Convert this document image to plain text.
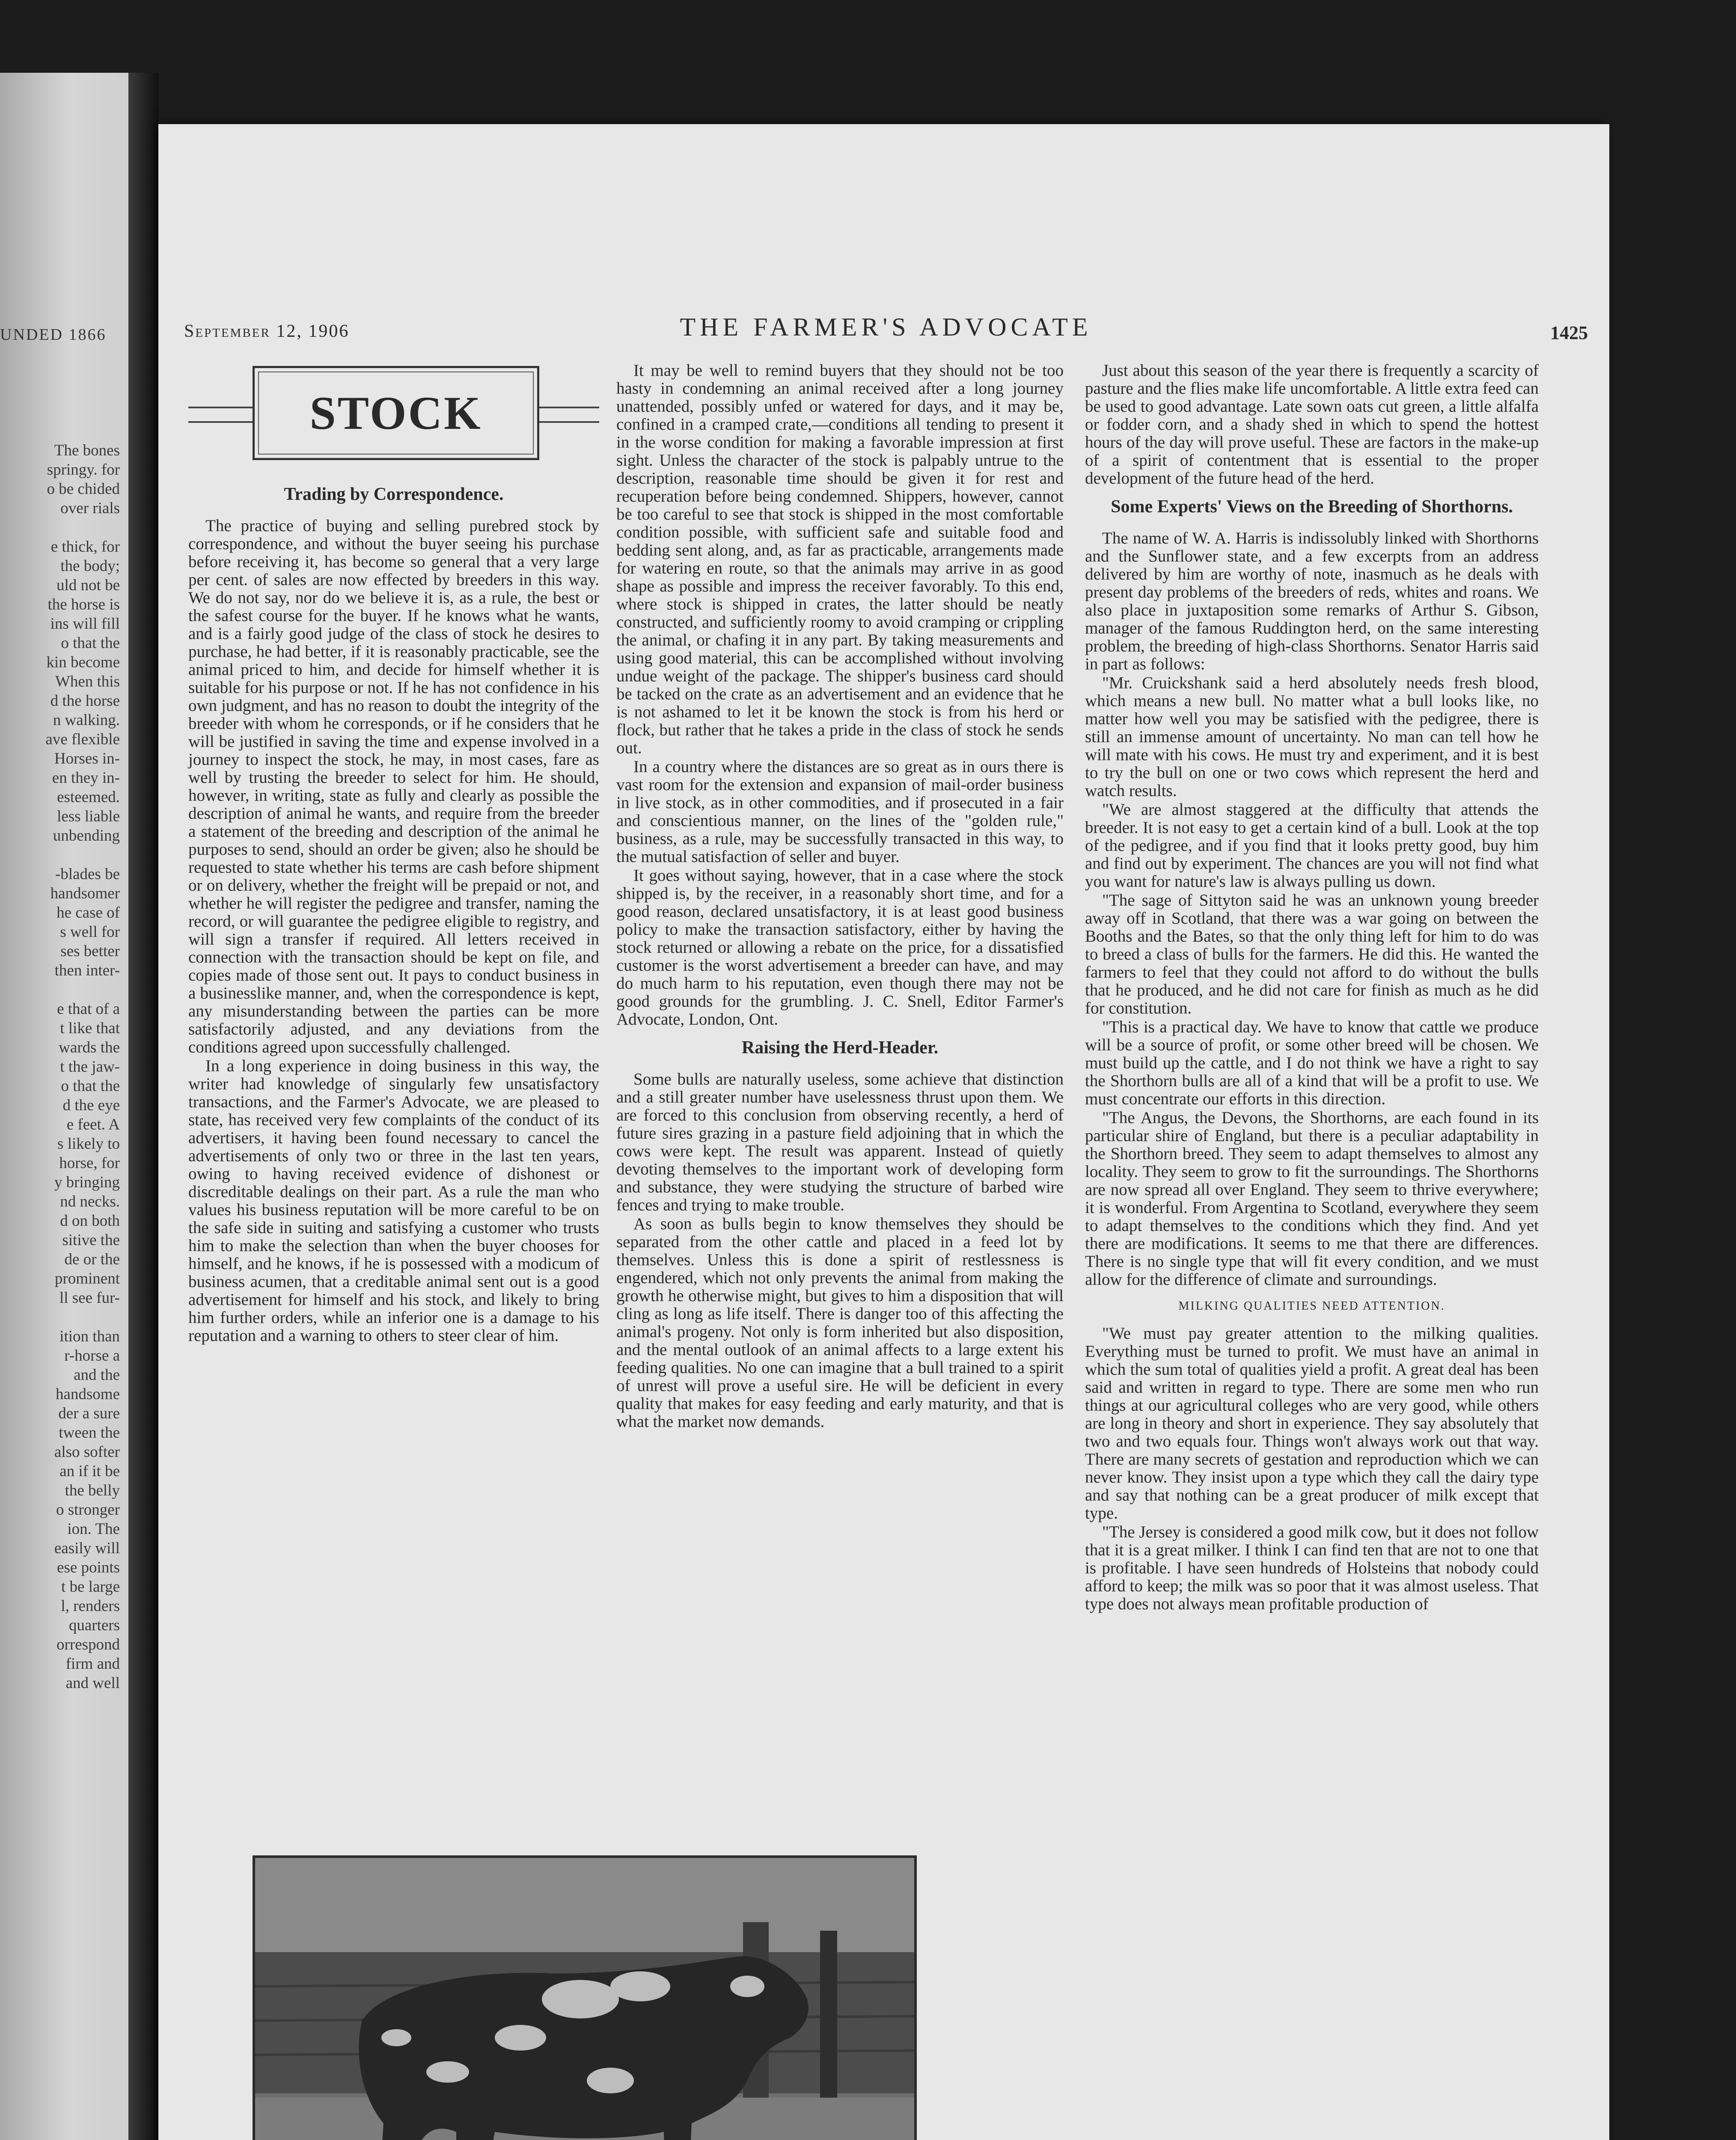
UNDED 1866
The bones
springy. for
o be chided
over rials
e thick, for
the body;
uld not be
the horse is
ins will fill
o that the
kin become
When this
d the horse
n walking.
ave flexible
Horses in-
en they in-
esteemed.
less liable
unbending
-blades be
handsomer
he case of
s well for
ses better
then inter-
e that of a
t like that
wards the
t the jaw-
o that the
d the eye
e feet. A
s likely to
horse, for
y bringing
nd necks.
d on both
sitive the
de or the
prominent
ll see fur-
ition than
r-horse a
and the
handsome
der a sure
tween the
also softer
an if it be
the belly
o stronger
ion. The
easily will
ese points
t be large
l, renders
quarters
orrespond
firm and
and well
September 12, 1906	THE FARMER'S ADVOCATE	1425
STOCK
Trading by Correspondence.

The practice of buying and selling purebred stock by correspondence, and without the buyer seeing his purchase before receiving it, has become so general that a very large per cent. of sales are now effected by breeders in this way. We do not say, nor do we believe it is, as a rule, the best or the safest course for the buyer. If he knows what he wants, and is a fairly good judge of the class of stock he desires to purchase, he had better, if it is reasonably practicable, see the animal priced to him, and decide for himself whether it is suitable for his purpose or not. If he has not confidence in his own judgment, and has no reason to doubt the integrity of the breeder with whom he corresponds, or if he considers that he will be justified in saving the time and expense involved in a journey to inspect the stock, he may, in most cases, fare as well by trusting the breeder to select for him. He should, however, in writing, state as fully and clearly as possible the description of animal he wants, and require from the breeder a statement of the breeding and description of the animal he purposes to send, should an order be given; also he should be requested to state whether his terms are cash before shipment or on delivery, whether the freight will be prepaid or not, and whether he will register the pedigree and transfer, naming the record, or will guarantee the pedigree eligible to registry, and will sign a transfer if required. All letters received in connection with the transaction should be kept on file, and copies made of those sent out. It pays to conduct business in a businesslike manner, and, when the correspondence is kept, any misunderstanding between the parties can be more satisfactorily adjusted, and any deviations from the conditions agreed upon successfully challenged.

In a long experience in doing business in this way, the writer had knowledge of singularly few unsatisfactory transactions, and the Farmer's Advocate, we are pleased to state, has received very few complaints of the conduct of its advertisers, it having been found necessary to cancel the advertisements of only two or three in the last ten years, owing to having received evidence of dishonest or discreditable dealings on their part. As a rule the man who values his business reputation will be more careful to be on the safe side in suiting and satisfying a customer who trusts him to make the selection than when the buyer chooses for himself, and he knows, if he is possessed with a modicum of business acumen, that a creditable animal sent out is a good advertisement for himself and his stock, and likely to bring him further orders, while an inferior one is a damage to his reputation and a warning to others to steer clear of him.

It may be well to remind buyers that they should not be too hasty in condemning an animal received after a long journey unattended, possibly unfed or watered for days, and it may be, confined in a cramped crate,—conditions all tending to present it in the worse condition for making a favorable impression at first sight. Unless the character of the stock is palpably untrue to the description, reasonable time should be given it for rest and recuperation before being condemned. Shippers, however, cannot be too careful to see that stock is shipped in the most comfortable condition possible, with sufficient safe and suitable food and bedding sent along, and, as far as practicable, arrangements made for watering en route, so that the animals may arrive in as good shape as possible and impress the receiver favorably. To this end, where stock is shipped in crates, the latter should be neatly constructed, and sufficiently roomy to avoid cramping or crippling the animal, or chafing it in any part. By taking measurements and using good material, this can be accomplished without involving undue weight of the package. The shipper's business card should be tacked on the crate as an advertisement and an evidence that he is not ashamed to let it be known the stock is from his herd or flock, but rather that he takes a pride in the class of stock he sends out.

In a country where the distances are so great as in ours there is vast room for the extension and expansion of mail-order business in live stock, as in other commodities, and if prosecuted in a fair and conscientious manner, on the lines of the "golden rule," business, as a rule, may be successfully transacted in this way, to the mutual satisfaction of seller and buyer.

It goes without saying, however, that in a case where the stock shipped is, by the receiver, in a reasonably short time, and for a good reason, declared unsatisfactory, it is at least good business policy to make the transaction satisfactory, either by having the stock returned or allowing a rebate on the price, for a dissatisfied customer is the worst advertisement a breeder can have, and may do much harm to his reputation, even though there may not be good grounds for the grumbling. J. C. Snell, Editor Farmer's Advocate, London, Ont.

Raising the Herd-Header.

Some bulls are naturally useless, some achieve that distinction and a still greater number have uselessness thrust upon them. We are forced to this conclusion from observing recently, a herd of future sires grazing in a pasture field adjoining that in which the cows were kept. The result was apparent. Instead of quietly devoting themselves to the important work of developing form and substance, they were studying the structure of barbed wire fences and trying to make trouble.

As soon as bulls begin to know themselves they should be separated from the other cattle and placed in a feed lot by themselves. Unless this is done a spirit of restlessness is engendered, which not only prevents the animal from making the growth he otherwise might, but gives to him a disposition that will cling as long as life itself. There is danger too of this affecting the animal's progeny. Not only is form inherited but also disposition, and the mental outlook of an animal affects to a large extent his feeding qualities. No one can imagine that a bull trained to a spirit of unrest will prove a useful sire. He will be deficient in every quality that makes for easy feeding and early maturity, and that is what the market now demands.

Just about this season of the year there is frequently a scarcity of pasture and the flies make life uncomfortable. A little extra feed can be used to good advantage. Late sown oats cut green, a little alfalfa or fodder corn, and a shady shed in which to spend the hottest hours of the day will prove useful. These are factors in the make-up of a spirit of contentment that is essential to the proper development of the future head of the herd.

Some Experts' Views on the Breeding of Shorthorns.

The name of W. A. Harris is indissolubly linked with Shorthorns and the Sunflower state, and a few excerpts from an address delivered by him are worthy of note, inasmuch as he deals with present day problems of the breeders of reds, whites and roans. We also place in juxtaposition some remarks of Arthur S. Gibson, manager of the famous Ruddington herd, on the same interesting problem, the breeding of high-class Shorthorns. Senator Harris said in part as follows:

"Mr. Cruickshank said a herd absolutely needs fresh blood, which means a new bull. No matter what a bull looks like, no matter how well you may be satisfied with the pedigree, there is still an immense amount of uncertainty. No man can tell how he will mate with his cows. He must try and experiment, and it is best to try the bull on one or two cows which represent the herd and watch results.

"We are almost staggered at the difficulty that attends the breeder. It is not easy to get a certain kind of a bull. Look at the top of the pedigree, and if you find that it looks pretty good, buy him and find out by experiment. The chances are you will not find what you want for nature's law is always pulling us down.

"The sage of Sittyton said he was an unknown young breeder away off in Scotland, that there was a war going on between the Booths and the Bates, so that the only thing left for him to do was to breed a class of bulls for the farmers. He did this. He wanted the farmers to feel that they could not afford to do without the bulls that he produced, and he did not care for finish as much as he did for constitution.

"This is a practical day. We have to know that cattle we produce will be a source of profit, or some other breed will be chosen. We must build up the cattle, and I do not think we have a right to say the Shorthorn bulls are all of a kind that will be a profit to use. We must concentrate our efforts in this direction.

"The Angus, the Devons, the Shorthorns, are each found in its particular shire of England, but there is a peculiar adaptability in the Shorthorn breed. They seem to adapt themselves to almost any locality. They seem to grow to fit the surroundings. The Shorthorns are now spread all over England. They seem to thrive everywhere; it is wonderful. From Argentina to Scotland, everywhere they seem to adapt themselves to the conditions which they find. And yet there are modifications. It seems to me that there are differences. There is no single type that will fit every condition, and we must allow for the difference of climate and surroundings.

MILKING QUALITIES NEED ATTENTION.

"We must pay greater attention to the milking qualities. Everything must be turned to profit. We must have an animal in which the sum total of qualities yield a profit. A great deal has been said and written in regard to type. There are some men who run things at our agricultural colleges who are very good, while others are long in theory and short in experience. They say absolutely that two and two equals four. Things won't always work out that way. There are many secrets of gestation and reproduction which we can never know. They insist upon a type which they call the dairy type and say that nothing can be a great producer of milk except that type.

"The Jersey is considered a good milk cow, but it does not follow that it is a great milker. I think I can find ten that are not to one that is profitable. I have seen hundreds of Holsteins that nobody could afford to keep; the milk was so poor that it was almost useless. That type does not always mean profitable production of
